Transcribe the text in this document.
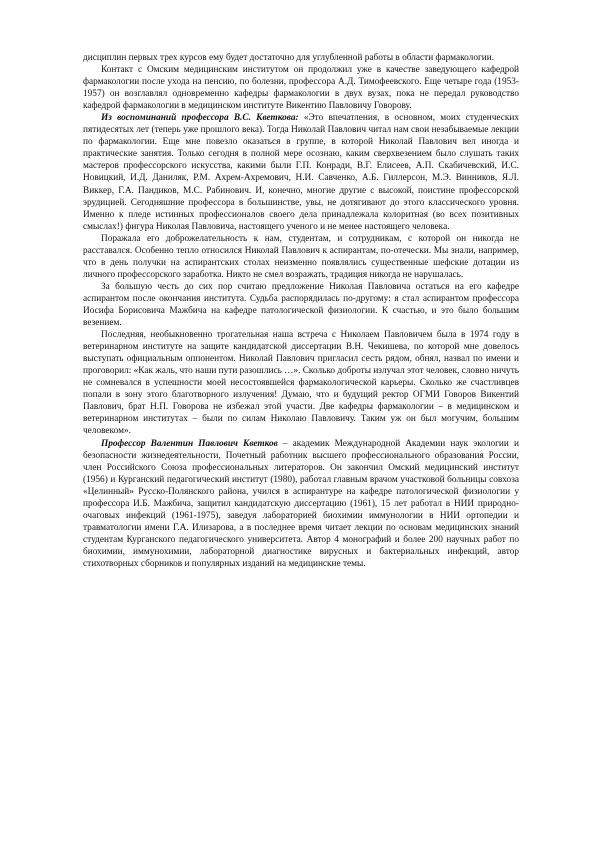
дисциплин первых трех курсов ему будет достаточно для углубленной работы в области фармакологии.

Контакт с Омским медицинским институтом он продолжил уже в качестве заведующего кафедрой фармакологии после ухода на пенсию, по болезни, профессора А.Д. Тимофеевского. Еще четыре года (1953-1957) он возглавлял одновременно кафедры фармакологии в двух вузах, пока не передал руководство кафедрой фармакологии в медицинском институте Викентию Павловичу Говорову.

Из воспоминаний профессора В.С. Кветкова: «Это впечатления, в основном, моих студенческих пятидесятых лет (теперь уже прошлого века). Тогда Николай Павлович читал нам свои незабываемые лекции по фармакологии. Еще мне повезло оказаться в группе, в которой Николай Павлович вел иногда и практические занятия. Только сегодня в полной мере осознаю, каким сверхвезением было слушать таких мастеров профессорского искусства, какими были Г.П. Конради, В.Г. Елисеев, А.П. Скабичевский, И.С. Новицкий, И.Д. Даниляк, Р.М. Ахрем-Ахремович, Н.И. Савченко, А.Б. Гиллерсон, М.Э. Винников, Я.Л. Виккер, Г.А. Пандиков, М.С. Рабинович. И, конечно, многие другие с высокой, поистине профессорской эрудицией. Сегодняшние профессора в большинстве, увы, не дотягивают до этого классического уровня. Именно к пледе истинных профессионалов своего дела принадлежала колоритная (во всех позитивных смыслах!) фигура Николая Павловича, настоящего ученого и не менее настоящего человека.

Поражала его доброжелательность к нам, студентам, и сотрудникам, с которой он никогда не расставался. Особенно тепло относился Николай Павлович к аспирантам, по-отечески. Мы знали, например, что в день получки на аспирантских столах неизменно появлялись существенные шефские дотации из личного профессорского заработка. Никто не смел возражать, традиция никогда не нарушалась.

За большую честь до сих пор считаю предложение Николая Павловича остаться на его кафедре аспирантом после окончания института. Судьба распорядилась по-другому: я стал аспирантом профессора Иосифа Борисовича Мажбича на кафедре патологической физиологии. К счастью, и это было большим везением.

Последняя, необыкновенно трогательная наша встреча с Николаем Павловичем была в 1974 году в ветеринарном институте на защите кандидатской диссертации В.Н. Чекишева, по которой мне довелось выступать официальным оппонентом. Николай Павлович пригласил сесть рядом, обнял, назвал по имени и проговорил: «Как жаль, что наши пути разошлись …». Сколько доброты излучал этот человек, словно ничуть не сомневался в успешности моей несостоявшейся фармакологической карьеры. Сколько же счастливцев попали в зону этого благотворного излучения! Думаю, что и будущий ректор ОГМИ Говоров Викентий Павлович, брат Н.П. Говорова не избежал этой участи. Две кафедры фармакологии – в медицинском и ветеринарном институтах – были по силам Николаю Павловичу. Таким уж он был могучим, большим человеком».

Профессор Валентин Павлович Кветков – академик Международной Академии наук экологии и безопасности жизнедеятельности, Почетный работник высшего профессионального образования России, член Российского Союза профессиональных литераторов. Он закончил Омский медицинский институт (1956) и Курганский педагогический институт (1980), работал главным врачом участковой больницы совхоза «Целинный» Русско-Полянского района, учился в аспирантуре на кафедре патологической физиологии у профессора И.Б. Мажбича, защитил кандидатскую диссертацию (1961), 15 лет работал в НИИ природно-очаговых инфекций (1961-1975), заведуя лабораторией биохимии иммунологии в НИИ ортопедии и травматологии имени Г.А. Илизарова, а в последнее время читает лекции по основам медицинских знаний студентам Курганского педагогического университета. Автор 4 монографий и более 200 научных работ по биохимии, иммунохимии, лабораторной диагностике вирусных и бактериальных инфекций, автор стихотворных сборников и популярных изданий на медицинские темы.
